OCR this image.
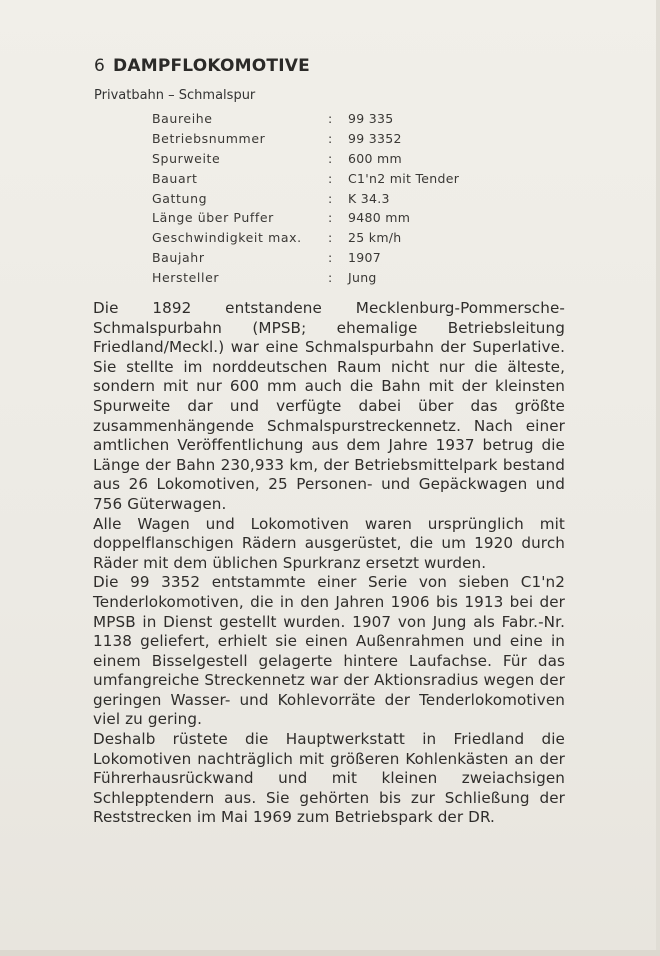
6 DAMPFLOKOMOTIVE
Privatbahn – Schmalspur
Baureihe	:	99 335
Betriebsnummer	:	99 3352
Spurweite	:	600 mm
Bauart	:	C1'n2 mit Tender
Gattung	:	K 34.3
Länge über Puffer	:	9480 mm
Geschwindigkeit max.	:	25 km/h
Baujahr	:	1907
Hersteller	:	Jung

Die 1892 entstandene Mecklenburg-Pommersche-Schmalspurbahn (MPSB; ehemalige Betriebsleitung Friedland/Meckl.) war eine Schmalspurbahn der Superlative. Sie stellte im norddeutschen Raum nicht nur die älteste, sondern mit nur 600 mm auch die Bahn mit der kleinsten Spurweite dar und verfügte dabei über das größte zusammenhängende Schmalspurstreckennetz. Nach einer amtlichen Veröffentlichung aus dem Jahre 1937 betrug die Länge der Bahn 230,933 km, der Betriebsmittelpark bestand aus 26 Lokomotiven, 25 Personen- und Gepäckwagen und 756 Güterwagen.

Alle Wagen und Lokomotiven waren ursprünglich mit doppelflanschigen Rädern ausgerüstet, die um 1920 durch Räder mit dem üblichen Spurkranz ersetzt wurden.

Die 99 3352 entstammte einer Serie von sieben C1'n2 Tenderlokomotiven, die in den Jahren 1906 bis 1913 bei der MPSB in Dienst gestellt wurden. 1907 von Jung als Fabr.-Nr. 1138 geliefert, erhielt sie einen Außenrahmen und eine in einem Bisselgestell gelagerte hintere Laufachse. Für das umfangreiche Streckennetz war der Aktionsradius wegen der geringen Wasser- und Kohlevorräte der Tenderlokomotiven viel zu gering.

Deshalb rüstete die Hauptwerkstatt in Friedland die Lokomotiven nachträglich mit größeren Kohlenkästen an der Führerhausrückwand und mit kleinen zweiachsigen Schlepptendern aus. Sie gehörten bis zur Schließung der Reststrecken im Mai 1969 zum Betriebspark der DR.
